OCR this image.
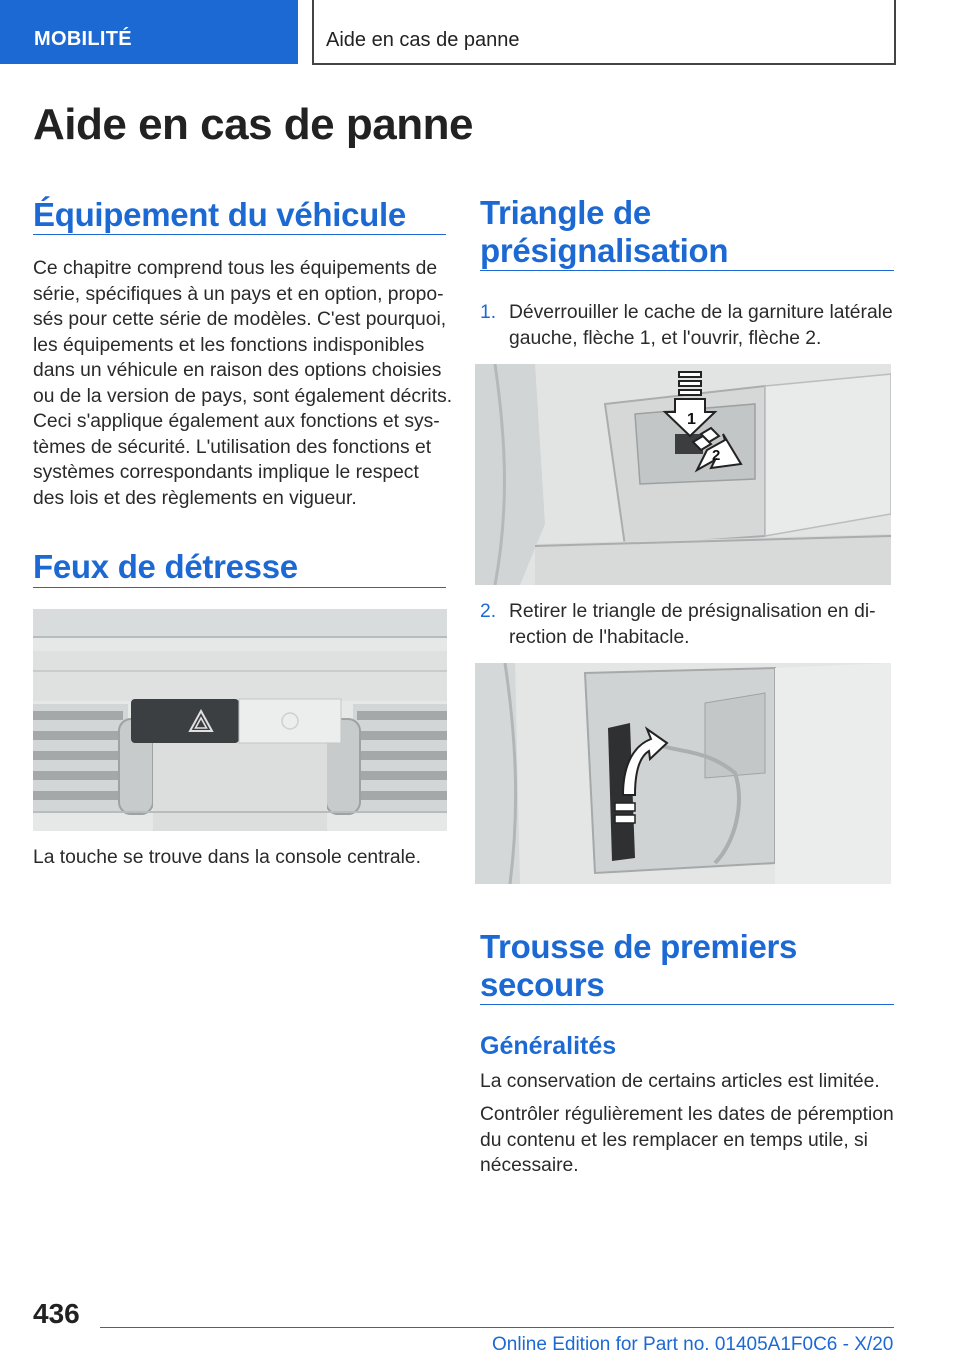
MOBILITÉ	Aide en cas de panne
Aide en cas de panne
Équipement du véhicule
Ce chapitre comprend tous les équipements de
série, spécifiques à un pays et en option, propo-
sés pour cette série de modèles. C'est pourquoi,
les équipements et les fonctions indisponibles
dans un véhicule en raison des options choisies
ou de la version de pays, sont également décrits.
Ceci s'applique également aux fonctions et sys-
tèmes de sécurité. L'utilisation des fonctions et
systèmes correspondants implique le respect
des lois et des règlements en vigueur.
Feux de détresse
La touche se trouve dans la console centrale.
Triangle de
présignalisation
1. Déverrouiller le cache de la garniture latérale
gauche, flèche 1, et l'ouvrir, flèche 2.
1
2
2. Retirer le triangle de présignalisation en di-
rection de l'habitacle.
Trousse de premiers
secours
Généralités
La conservation de certains articles est limitée.
Contrôler régulièrement les dates de péremption
du contenu et les remplacer en temps utile, si
nécessaire.
436
Online Edition for Part no. 01405A1F0C6 - X/20
